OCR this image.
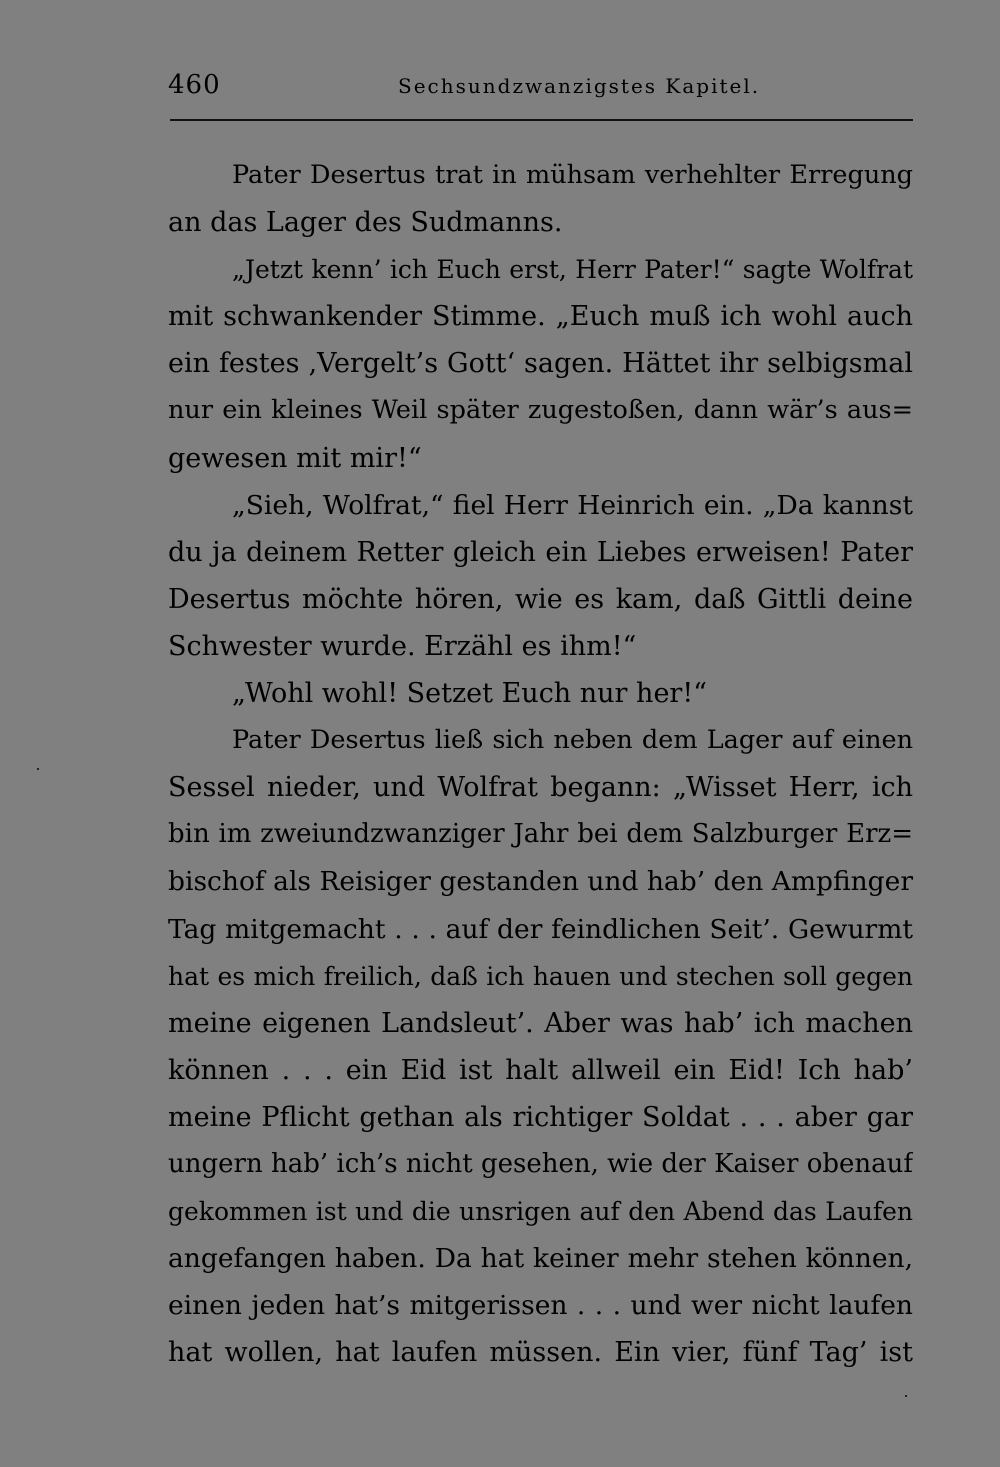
460	Sechsundzwanzigstes Kapitel.
Pater Desertus trat in mühsam verhehlter Erregung
an das Lager des Sudmanns.
„Jetzt kenn’ ich Euch erst, Herr Pater!“ sagte Wolfrat
mit schwankender Stimme. „Euch muß ich wohl auch
ein festes ‚Vergelt’s Gott‘ sagen. Hättet ihr selbigsmal
nur ein kleines Weil später zugestoßen, dann wär’s aus=
gewesen mit mir!“
„Sieh, Wolfrat,“ fiel Herr Heinrich ein. „Da kannst
du ja deinem Retter gleich ein Liebes erweisen! Pater
Desertus möchte hören, wie es kam, daß Gittli deine
Schwester wurde. Erzähl es ihm!“
„Wohl wohl! Setzet Euch nur her!“
Pater Desertus ließ sich neben dem Lager auf einen
Sessel nieder, und Wolfrat begann: „Wisset Herr, ich
bin im zweiundzwanziger Jahr bei dem Salzburger Erz=
bischof als Reisiger gestanden und hab’ den Ampfinger
Tag mitgemacht . . . auf der feindlichen Seit’. Gewurmt
hat es mich freilich, daß ich hauen und stechen soll gegen
meine eigenen Landsleut’. Aber was hab’ ich machen
können . . . ein Eid ist halt allweil ein Eid! Ich hab’
meine Pflicht gethan als richtiger Soldat . . . aber gar
ungern hab’ ich’s nicht gesehen, wie der Kaiser obenauf
gekommen ist und die unsrigen auf den Abend das Laufen
angefangen haben. Da hat keiner mehr stehen können,
einen jeden hat’s mitgerissen . . . und wer nicht laufen
hat wollen, hat laufen müssen. Ein vier, fünf Tag’ ist
